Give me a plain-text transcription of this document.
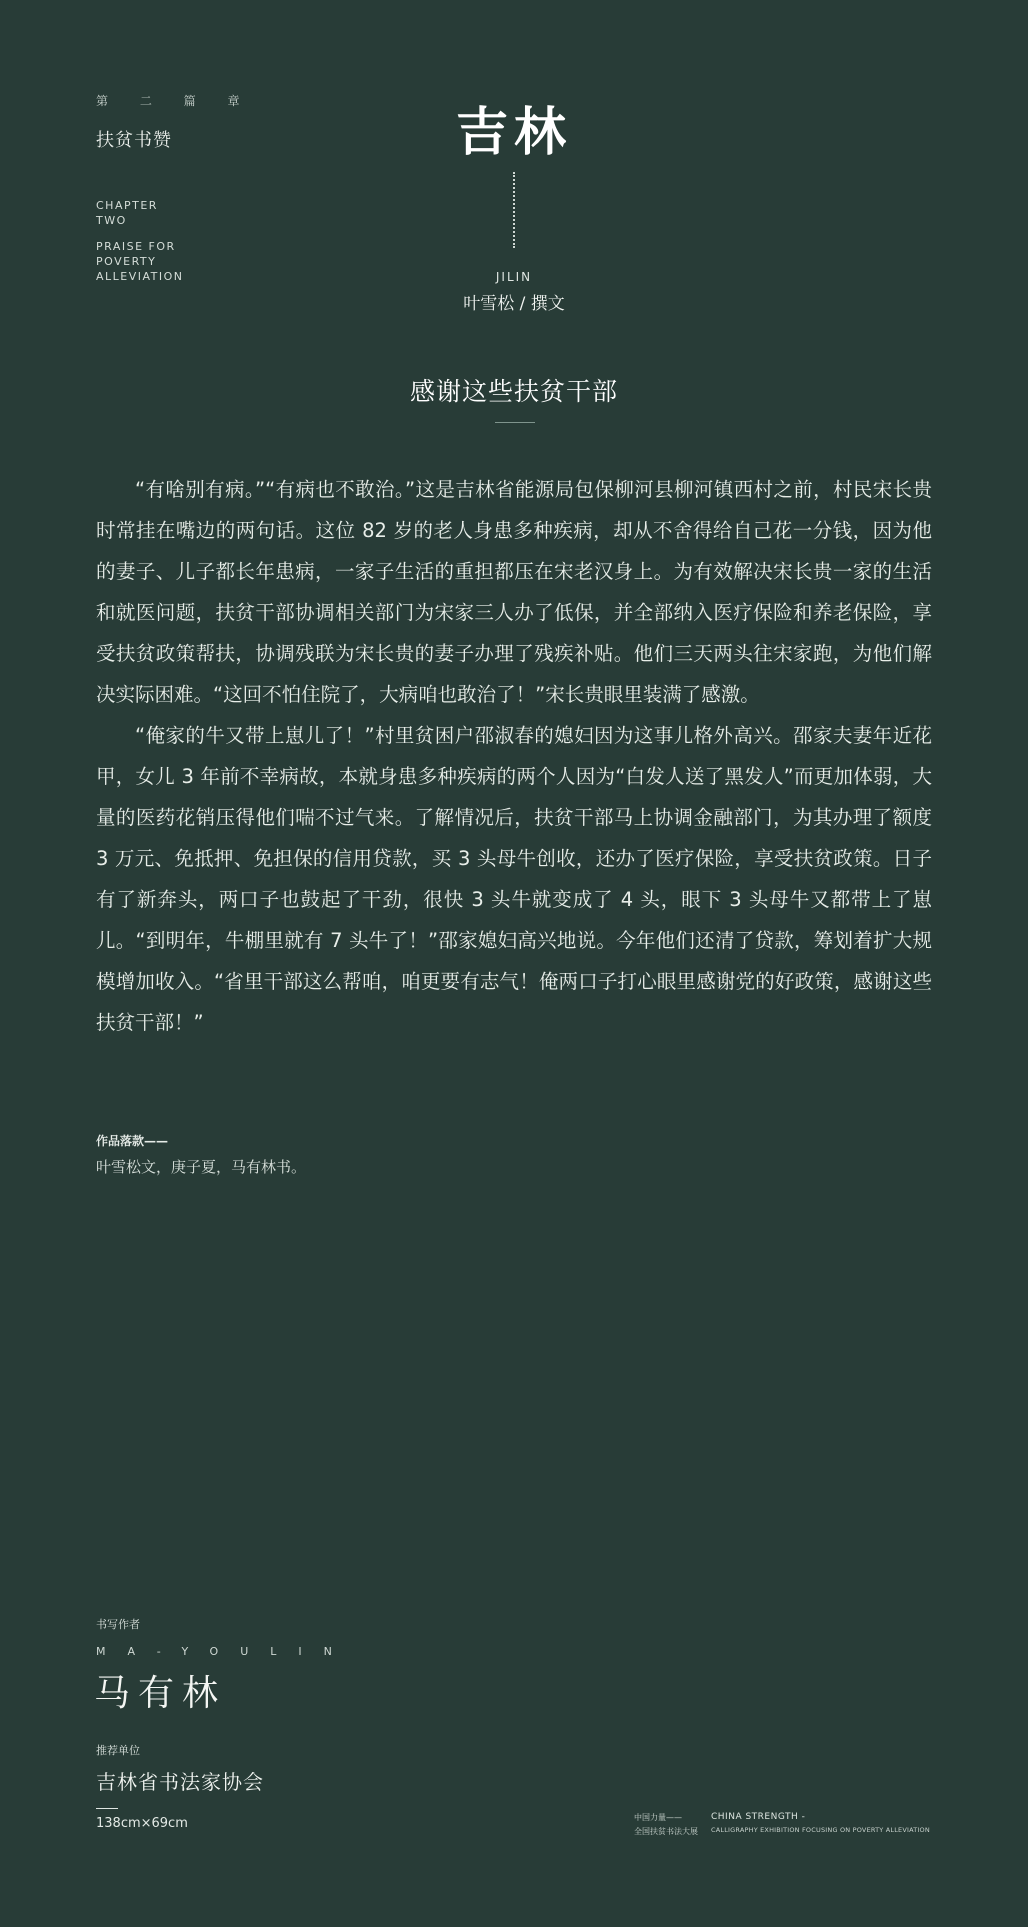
第 二 篇 章
扶贫书赞
CHAPTER
TWO
PRAISE FOR
POVERTY
ALLEVIATION
吉林
JILIN
叶雪松 / 撰文
感谢这些扶贫干部

“有啥别有病。”“有病也不敢治。”这是吉林省能源局包保柳河县柳河镇西村之前，村民宋长贵时常挂在嘴边的两句话。这位 82 岁的老人身患多种疾病，却从不舍得给自己花一分钱，因为他的妻子、儿子都长年患病，一家子生活的重担都压在宋老汉身上。为有效解决宋长贵一家的生活和就医问题，扶贫干部协调相关部门为宋家三人办了低保，并全部纳入医疗保险和养老保险，享受扶贫政策帮扶，协调残联为宋长贵的妻子办理了残疾补贴。他们三天两头往宋家跑，为他们解决实际困难。“这回不怕住院了，大病咱也敢治了！”宋长贵眼里装满了感激。

“俺家的牛又带上崽儿了！”村里贫困户邵淑春的媳妇因为这事儿格外高兴。邵家夫妻年近花甲，女儿 3 年前不幸病故，本就身患多种疾病的两个人因为“白发人送了黑发人”而更加体弱，大量的医药花销压得他们喘不过气来。了解情况后，扶贫干部马上协调金融部门，为其办理了额度 3 万元、免抵押、免担保的信用贷款，买 3 头母牛创收，还办了医疗保险，享受扶贫政策。日子有了新奔头，两口子也鼓起了干劲，很快 3 头牛就变成了 4 头，眼下 3 头母牛又都带上了崽儿。“到明年，牛棚里就有 7 头牛了！”邵家媳妇高兴地说。今年他们还清了贷款，筹划着扩大规模增加收入。“省里干部这么帮咱，咱更要有志气！俺两口子打心眼里感谢党的好政策，感谢这些扶贫干部！”

作品落款——
叶雪松文，庚子夏，马有林书。
书写作者
MA-YOULIN
马有林
推荐单位
吉林省书法家协会
138cm×69cm	中国力量——
全国扶贫书法大展
CHINA STRENGTH -
CALLIGRAPHY EXHIBITION FOCUSING ON POVERTY ALLEVIATION
